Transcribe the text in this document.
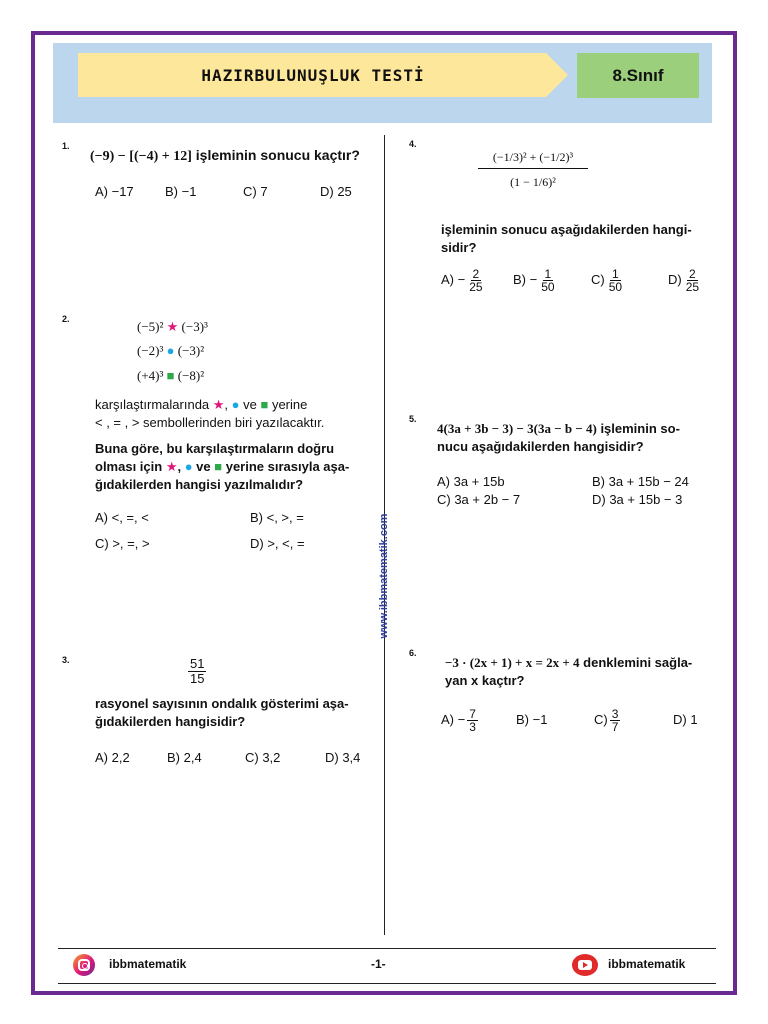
HAZIRBULUNUŞLUK TESTİ	8.Sınıf
www.ibbmatematik.com
1.
(−9) − [(−4) + 12] işleminin sonucu kaçtır?
A) −17 B) −1	C) 7	D) 25
2.	(−5)² ★ (−3)³
(−2)³ ● (−3)²
(+4)³ ■ (−8)²
karşılaştırmalarında ★, ● ve ■ yerine
< , = , > sembollerinden biri yazılacaktır.
Buna göre, bu karşılaştırmaların doğru
olması için ★, ● ve ■ yerine sırasıyla aşa-
ğıdakilerden hangisi yazılmalıdır?
A) <, =, <	B) <, >, =
C) >, =, >	D) >, <, =
3.	$\frac{51}{15}$
rasyonel sayısının ondalık gösterimi aşa-
ğıdakilerden hangisidir?
A) 2,2	B) 2,4	C) 3,2	D) 3,4
4.
(−1/3)² + (−1/2)³
(1 − 1/6)²
işleminin sonucu aşağıdakilerden hangi-
sidir?
$A) - \frac{2}{25} B) - \frac{1}{50}$	$C) \frac{1}{50}$	$D) \frac{2}{25}$
5.
4(3a + 3b − 3) − 3(3a − b − 4) işleminin so-
nucu aşağıdakilerden hangisidir?
A) 3a + 15b	B) 3a + 15b − 24
C) 3a + 2b − 7	D) 3a + 15b − 3
6.
−3 · (2x + 1) + x = 2x + 4 denklemini sağla-
yan x kaçtır?
$A) - \frac{7}{3}$	B) −1	$C) \frac{3}{7}$	D) 1
ibbmatematik	-1-	ibbmatematik
